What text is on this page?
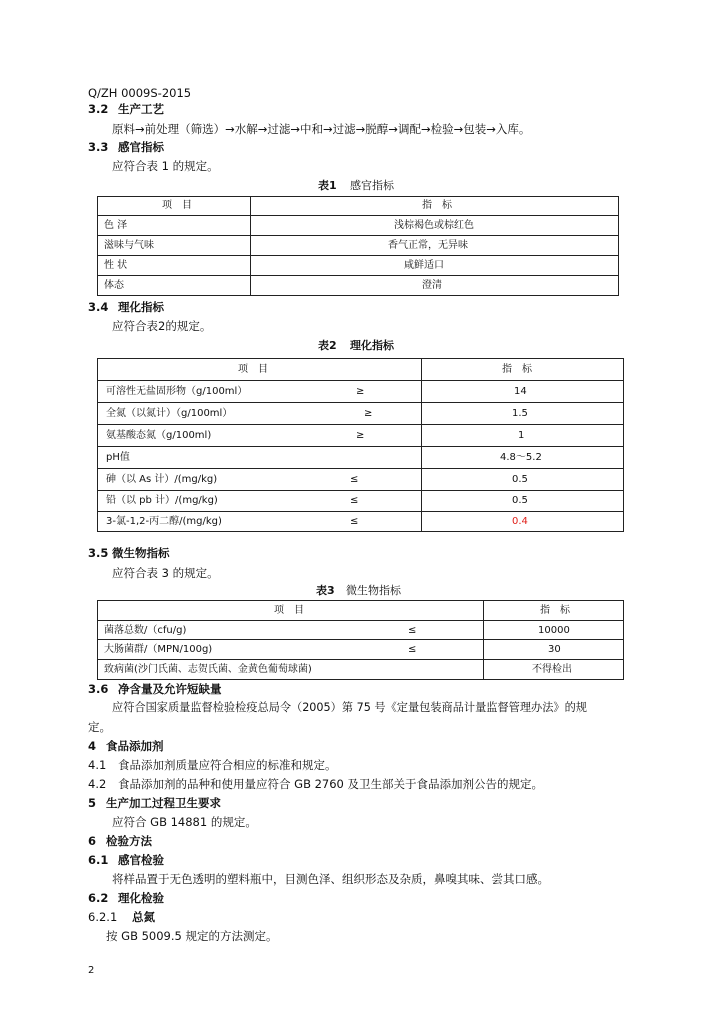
Q/ZH 0009S-2015
3.2 生产工艺
原料→前处理（筛选）→水解→过滤→中和→过滤→脱醇→调配→检验→包装→入库。
3.3 感官指标
应符合表 1 的规定。
表1 感官指标
项　目	指　标
色 泽	浅棕褐色或棕红色
滋味与气味	香气正常，无异味
性 状	咸鲜适口
体态	澄清
3.4 理化指标
应符合表2的规定。
表2 理化指标
项　目	指　标
可溶性无盐固形物（g/100ml）	≥	14
全氮（以氮计）（g/100ml）	≥	1.5
氨基酸态氮（g/100ml)	≥	1
pH值	4.8～5.2
砷（以 As 计）/(mg/kg)	≤	0.5
铅（以 pb 计）/(mg/kg)	≤	0.5
3-氯-1,2-丙二醇/(mg/kg)	≤	0.4
3.5 微生物指标
应符合表 3 的规定。
表3 微生物指标
项　目	指　标
菌落总数/（cfu/g)	≤	10000
大肠菌群/（MPN/100g)	≤	30
致病菌(沙门氏菌、志贺氏菌、金黄色葡萄球菌)	不得检出
3.6 净含量及允许短缺量
应符合国家质量监督检验检疫总局令（2005）第 75 号《定量包装商品计量监督管理办法》的规
定。
4 食品添加剂
4.1 食品添加剂质量应符合相应的标准和规定。
4.2 食品添加剂的品种和使用量应符合 GB 2760 及卫生部关于食品添加剂公告的规定。
5 生产加工过程卫生要求
应符合 GB 14881 的规定。
6 检验方法
6.1 感官检验
将样品置于无色透明的塑料瓶中，目测色泽、组织形态及杂质，鼻嗅其味、尝其口感。
6.2 理化检验
6.2.1 总氮
按 GB 5009.5 规定的方法测定。
2
